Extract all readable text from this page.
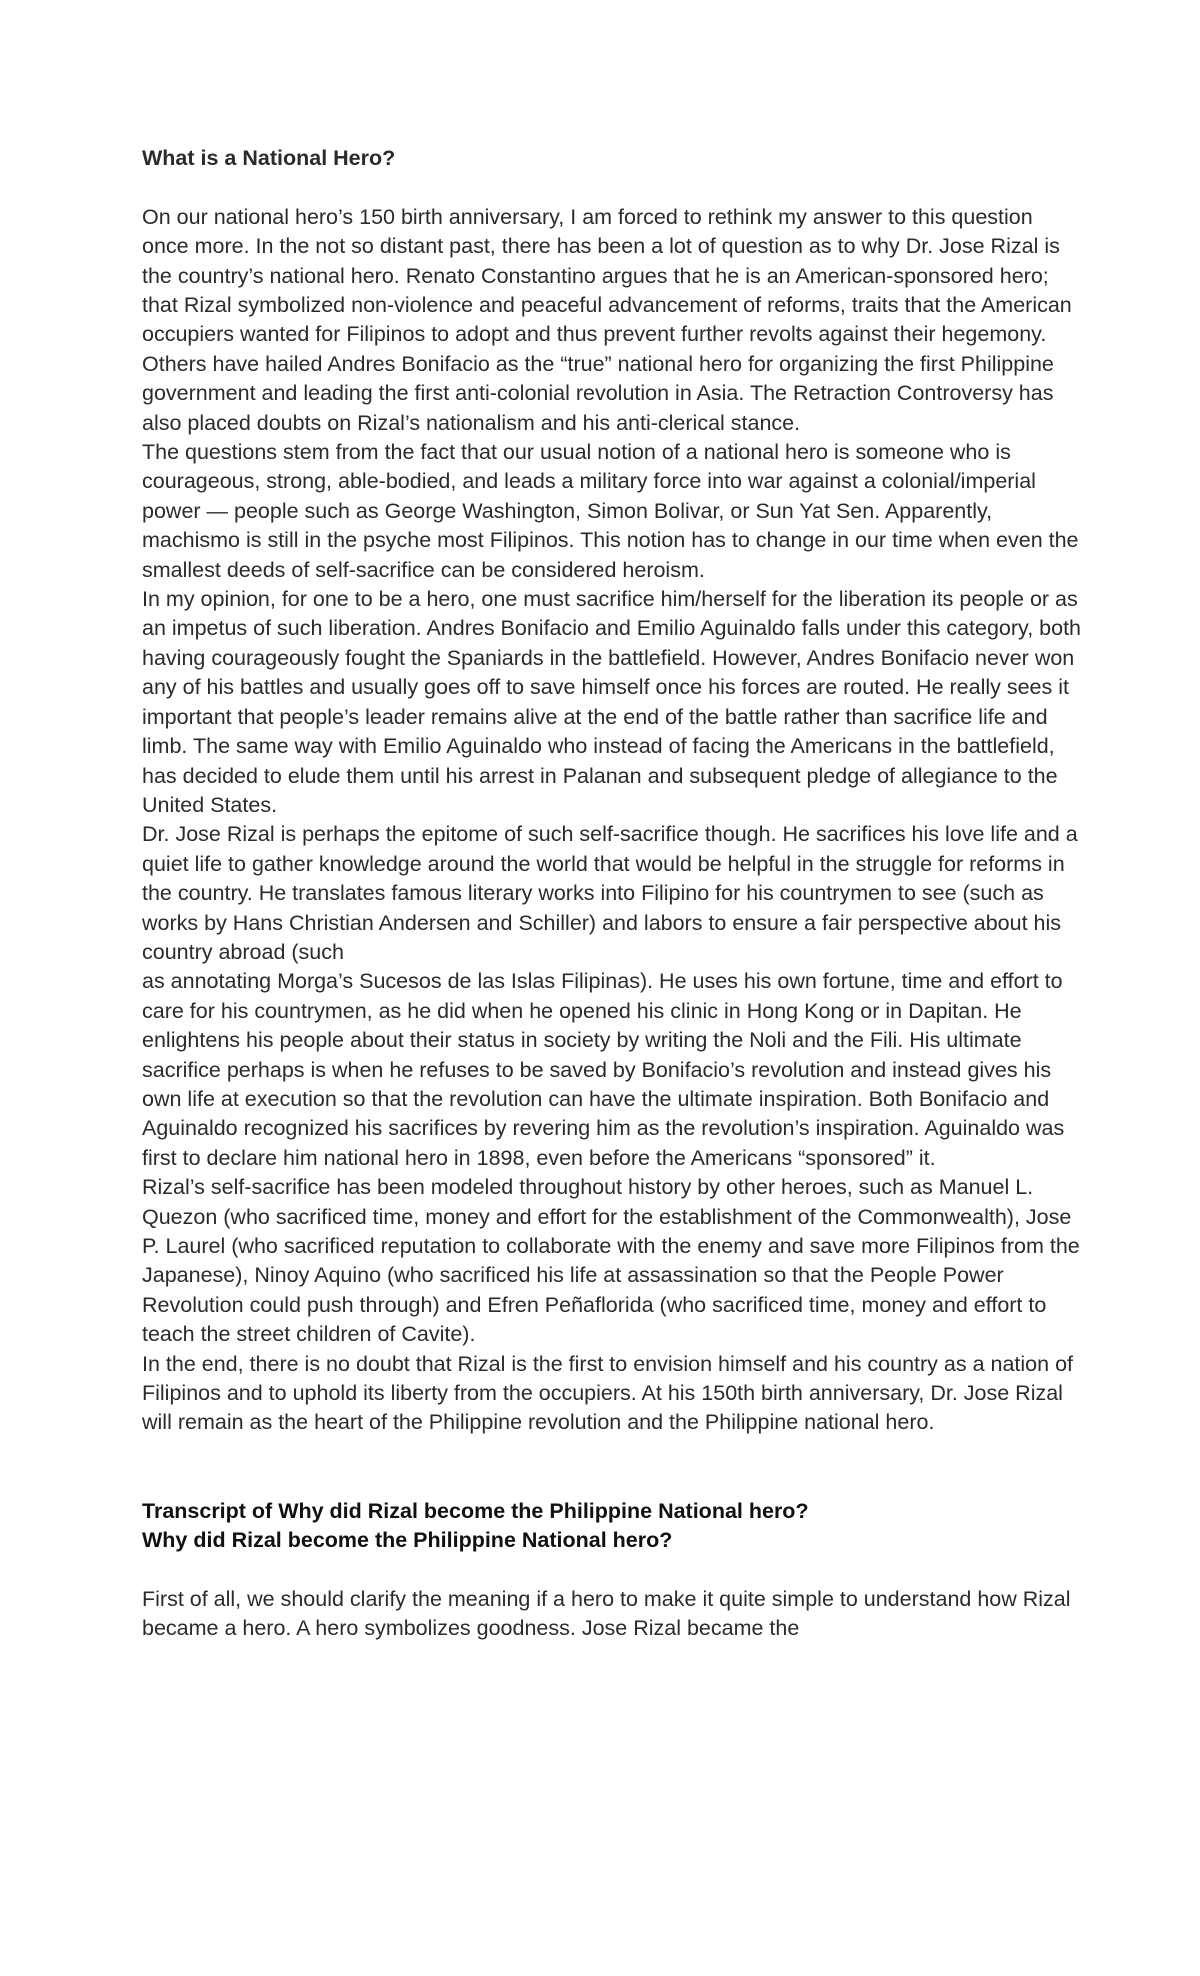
What is a National Hero?

On our national hero’s 150 birth anniversary, I am forced to rethink my answer to this question once more. In the not so distant past, there has been a lot of question as to why Dr. Jose Rizal is the country’s national hero. Renato Constantino argues that he is an American-sponsored hero; that Rizal symbolized non-violence and peaceful advancement of reforms, traits that the American occupiers wanted for Filipinos to adopt and thus prevent further revolts against their hegemony. Others have hailed Andres Bonifacio as the “true” national hero for organizing the first Philippine government and leading the first anti-colonial revolution in Asia. The Retraction Controversy has also placed doubts on Rizal’s nationalism and his anti-clerical stance.

The questions stem from the fact that our usual notion of a national hero is someone who is courageous, strong, able-bodied, and leads a military force into war against a colonial/imperial power — people such as George Washington, Simon Bolivar, or Sun Yat Sen. Apparently, machismo is still in the psyche most Filipinos. This notion has to change in our time when even the smallest deeds of self-sacrifice can be considered heroism.

In my opinion, for one to be a hero, one must sacrifice him/herself for the liberation its people or as an impetus of such liberation. Andres Bonifacio and Emilio Aguinaldo falls under this category, both having courageously fought the Spaniards in the battlefield. However, Andres Bonifacio never won any of his battles and usually goes off to save himself once his forces are routed. He really sees it important that people’s leader remains alive at the end of the battle rather than sacrifice life and limb. The same way with Emilio Aguinaldo who instead of facing the Americans in the battlefield, has decided to elude them until his arrest in Palanan and subsequent pledge of allegiance to the United States.

Dr. Jose Rizal is perhaps the epitome of such self-sacrifice though. He sacrifices his love life and a quiet life to gather knowledge around the world that would be helpful in the struggle for reforms in the country. He translates famous literary works into Filipino for his countrymen to see (such as works by Hans Christian Andersen and Schiller) and labors to ensure a fair perspective about his country abroad (such

as annotating Morga’s Sucesos de las Islas Filipinas). He uses his own fortune, time and effort to care for his countrymen, as he did when he opened his clinic in Hong Kong or in Dapitan. He enlightens his people about their status in society by writing the Noli and the Fili. His ultimate sacrifice perhaps is when he refuses to be saved by Bonifacio’s revolution and instead gives his own life at execution so that the revolution can have the ultimate inspiration. Both Bonifacio and Aguinaldo recognized his sacrifices by revering him as the revolution’s inspiration. Aguinaldo was first to declare him national hero in 1898, even before the Americans “sponsored” it.

Rizal’s self-sacrifice has been modeled throughout history by other heroes, such as Manuel L. Quezon (who sacrificed time, money and effort for the establishment of the Commonwealth), Jose P. Laurel (who sacrificed reputation to collaborate with the enemy and save more Filipinos from the Japanese), Ninoy Aquino (who sacrificed his life at assassination so that the People Power Revolution could push through) and Efren Peñaflorida (who sacrificed time, money and effort to teach the street children of Cavite).

In the end, there is no doubt that Rizal is the first to envision himself and his country as a nation of Filipinos and to uphold its liberty from the occupiers. At his 150th birth anniversary, Dr. Jose Rizal will remain as the heart of the Philippine revolution and the Philippine national hero.

Transcript of Why did Rizal become the Philippine National hero?

Why did Rizal become the Philippine National hero?

First of all, we should clarify the meaning if a hero to make it quite simple to understand how Rizal became a hero. A hero symbolizes goodness. Jose Rizal became the
